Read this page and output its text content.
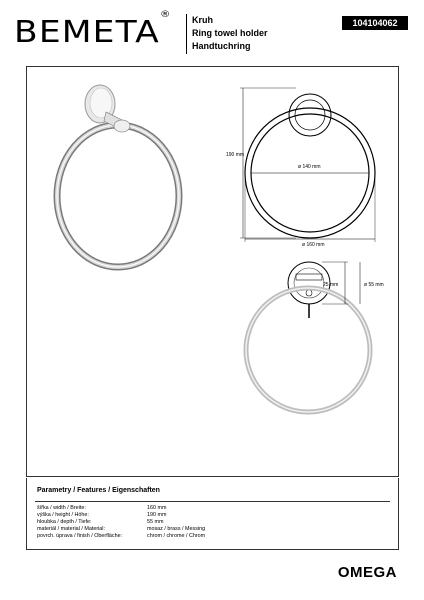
BEMETA® Kruh
Ring towel holder
Handtuchring
104104062
190 mm
ø 140 mm
ø 160 mm
25 mm	ø 55 mm
Parametry / Features / Eigenschaften
šířka / width / Breite:	160 mm
výška / height / Höhe:	190 mm
hloubka / depth / Tiefe:	55 mm
materiál / material / Material:	mosaz / brass / Messing
povrch. úprava / finish / Oberfläche:	chrom / chrome / Chrom
OMEGA
